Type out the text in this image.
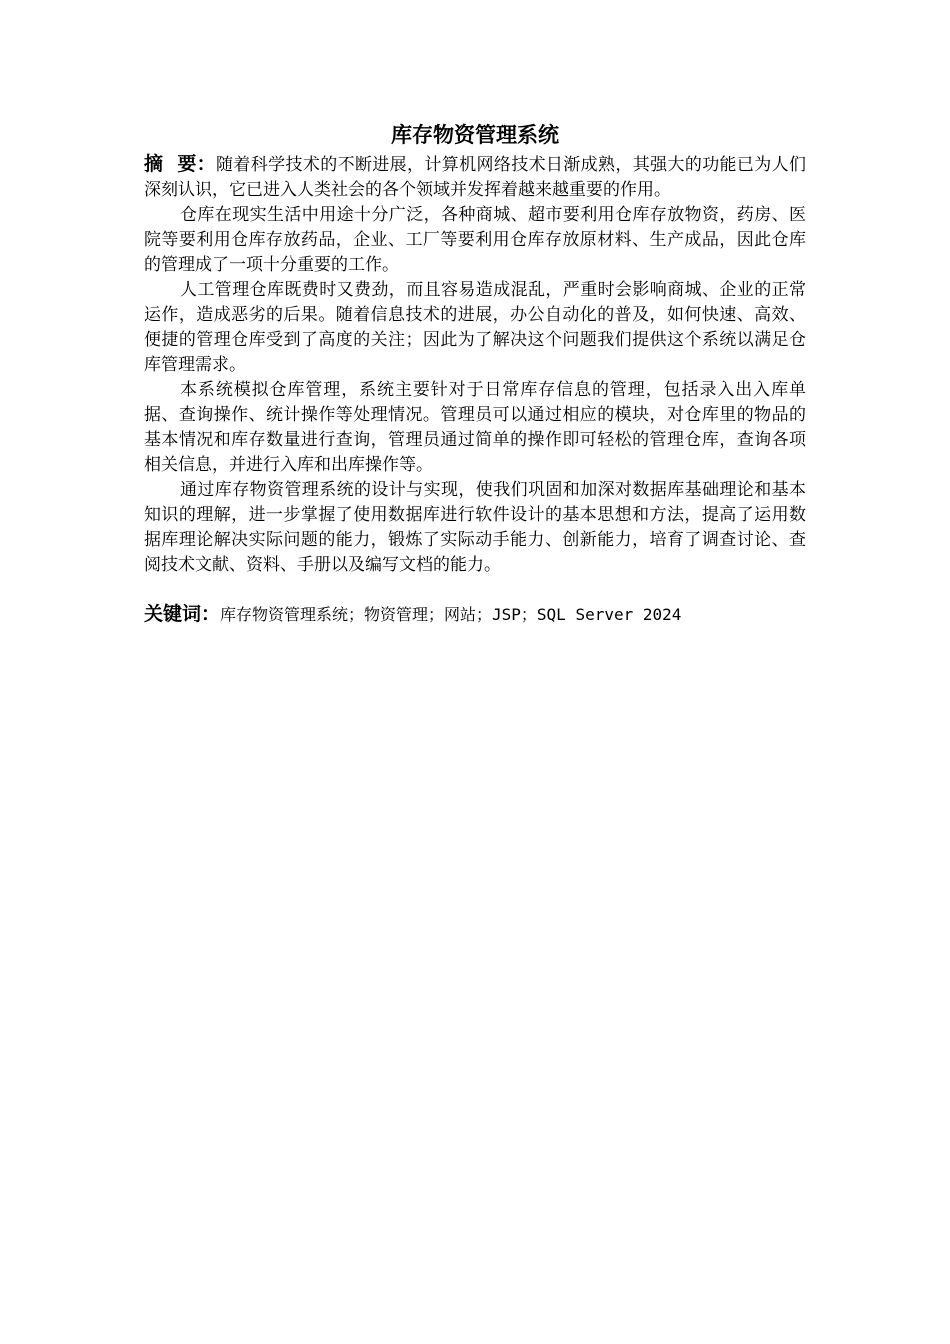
库存物资管理系统

摘  要：随着科学技术的不断进展，计算机网络技术日渐成熟，其强大的功能已为人们深刻认识，它已进入人类社会的各个领域并发挥着越来越重要的作用。

仓库在现实生活中用途十分广泛，各种商城、超市要利用仓库存放物资，药房、医院等要利用仓库存放药品，企业、工厂等要利用仓库存放原材料、生产成品，因此仓库的管理成了一项十分重要的工作。

人工管理仓库既费时又费劲，而且容易造成混乱，严重时会影响商城、企业的正常运作，造成恶劣的后果。随着信息技术的进展，办公自动化的普及，如何快速、高效、便捷的管理仓库受到了高度的关注；因此为了解决这个问题我们提供这个系统以满足仓库管理需求。

本系统模拟仓库管理，系统主要针对于日常库存信息的管理，包括录入出入库单据、查询操作、统计操作等处理情况。管理员可以通过相应的模块，对仓库里的物品的基本情况和库存数量进行查询，管理员通过简单的操作即可轻松的管理仓库，查询各项相关信息，并进行入库和出库操作等。

通过库存物资管理系统的设计与实现，使我们巩固和加深对数据库基础理论和基本知识的理解，进一步掌握了使用数据库进行软件设计的基本思想和方法，提高了运用数据库理论解决实际问题的能力，锻炼了实际动手能力、创新能力，培育了调查讨论、查阅技术文献、资料、手册以及编写文档的能力。

关键词：库存物资管理系统；物资管理；网站；JSP；SQL Server 2024
